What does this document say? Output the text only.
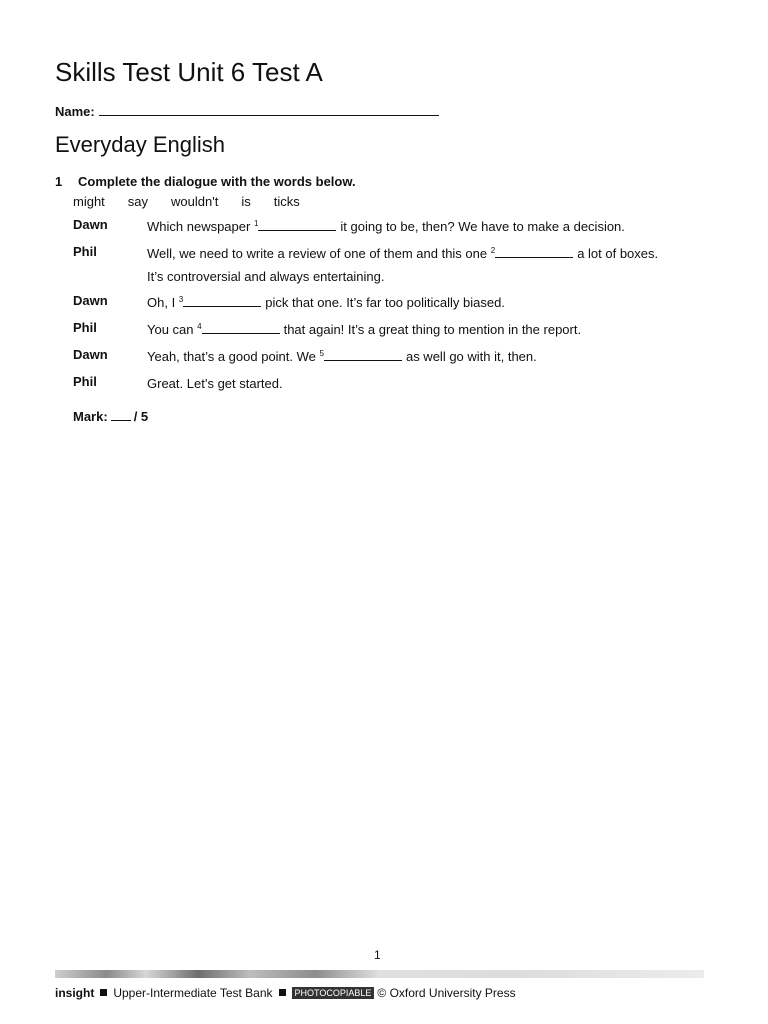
Skills Test Unit 6 Test A
Name:
Everyday English
1 Complete the dialogue with the words below.
might say wouldn't is ticks
Dawn	Which newspaper $^1$	it going to be, then? We have to make a decision.
Phil	Well, we need to write a review of one of them and this one $^2$	a lot of boxes.
It’s controversial and always entertaining.
Dawn	Oh, I $^3$	pick that one. It’s far too politically biased.
Phil	You can $^4$	that again! It’s a great thing to mention in the report.
Dawn	Yeah, that’s a good point. We $^5$	as well go with it, then.
Phil	Great. Let’s get started.
Mark: / 5
1
insight Upper-Intermediate Test Bank PHOTOCOPIABLE © Oxford University Press
